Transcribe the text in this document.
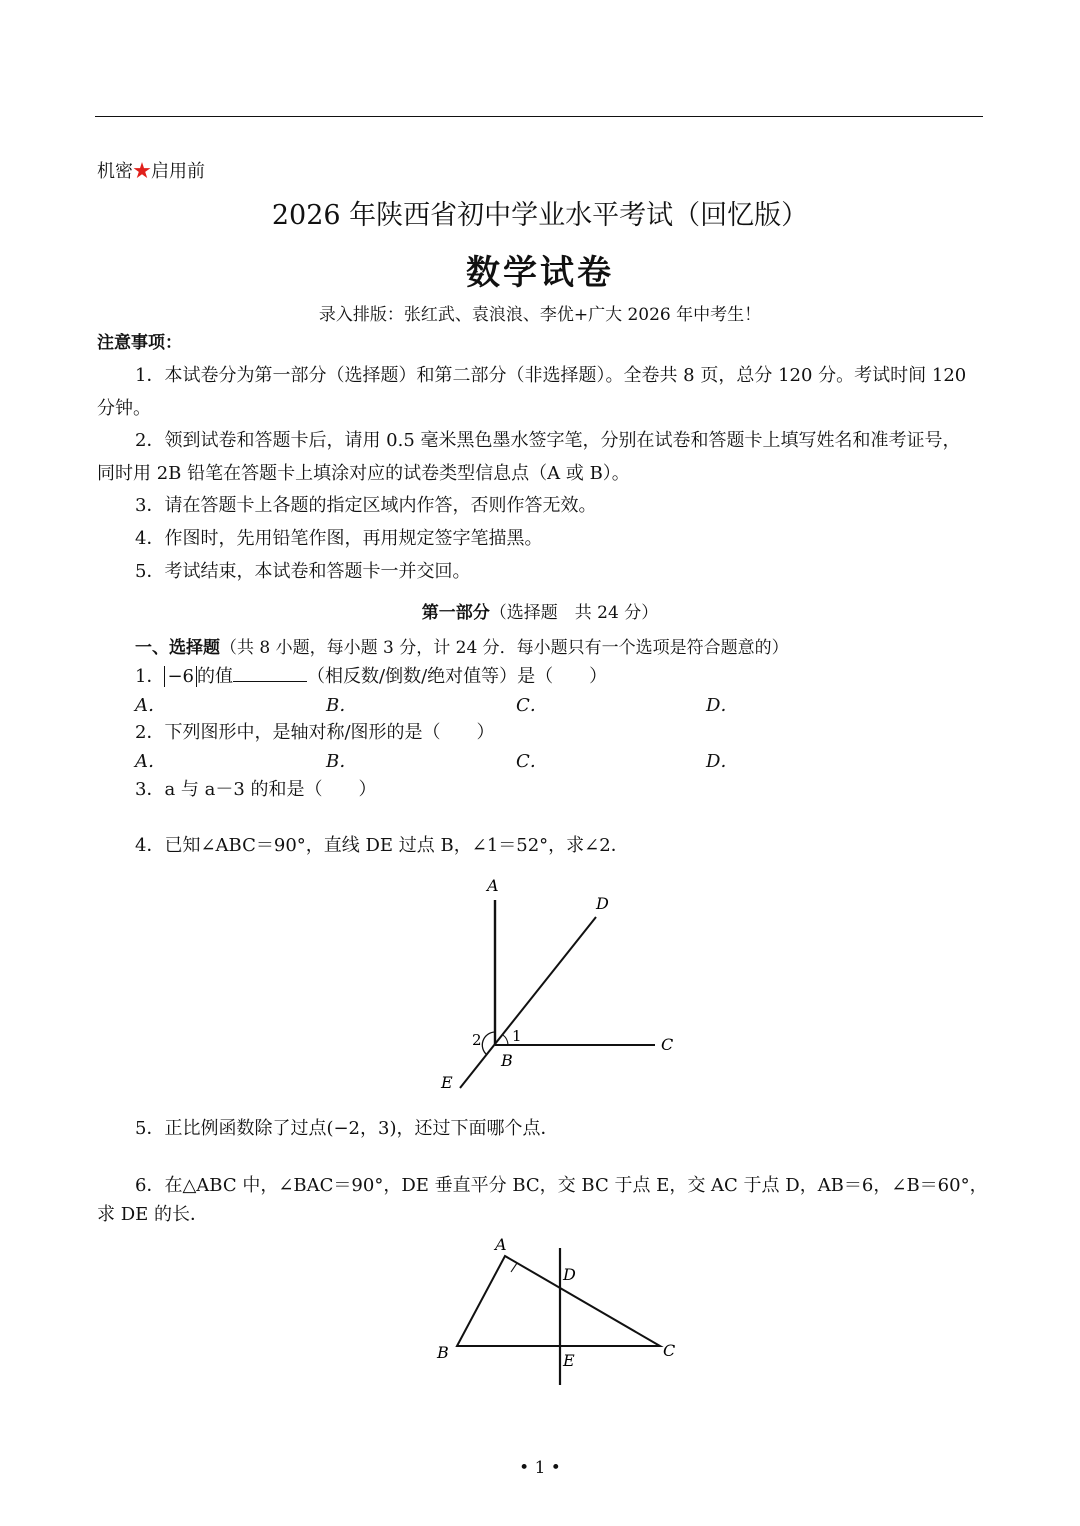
机密★启用前
2026 年陕西省初中学业水平考试（回忆版）
数学试卷
录入排版：张红武、袁浪浪、李优+广大 2026 年中考生！
注意事项：
1．本试卷分为第一部分（选择题）和第二部分（非选择题）。全卷共 8 页，总分 120 分。考试时间 120
分钟。
2．领到试卷和答题卡后，请用 0.5 毫米黑色墨水签字笔，分别在试卷和答题卡上填写姓名和准考证号，
同时用 2B 铅笔在答题卡上填涂对应的试卷类型信息点（A 或 B）。
3．请在答题卡上各题的指定区域内作答，否则作答无效。
4．作图时，先用铅笔作图，再用规定签字笔描黑。
5．考试结束，本试卷和答题卡一并交回。
第一部分（选择题　共 24 分）
一、选择题（共 8 小题，每小题 3 分，计 24 分．每小题只有一个选项是符合题意的）
1． −6 的值	（相反数/倒数/绝对值等）是（　　）
A．	B．	C．	D．
2．下列图形中，是轴对称/图形的是（　　）
A．	B．	C．	D．
3．a 与 a－3 的和是（　　）
4．已知∠ABC＝90°，直线 DE 过点 B，∠1＝52°，求∠2．
A
D
C
B
E
1
2
5．正比例函数除了过点(−2，3)，还过下面哪个点．
6．在△ABC 中，∠BAC＝90°，DE 垂直平分 BC，交 BC 于点 E，交 AC 于点 D，AB＝6，∠B＝60°，
求 DE 的长．
A
D
B	E
C
• 1 •
